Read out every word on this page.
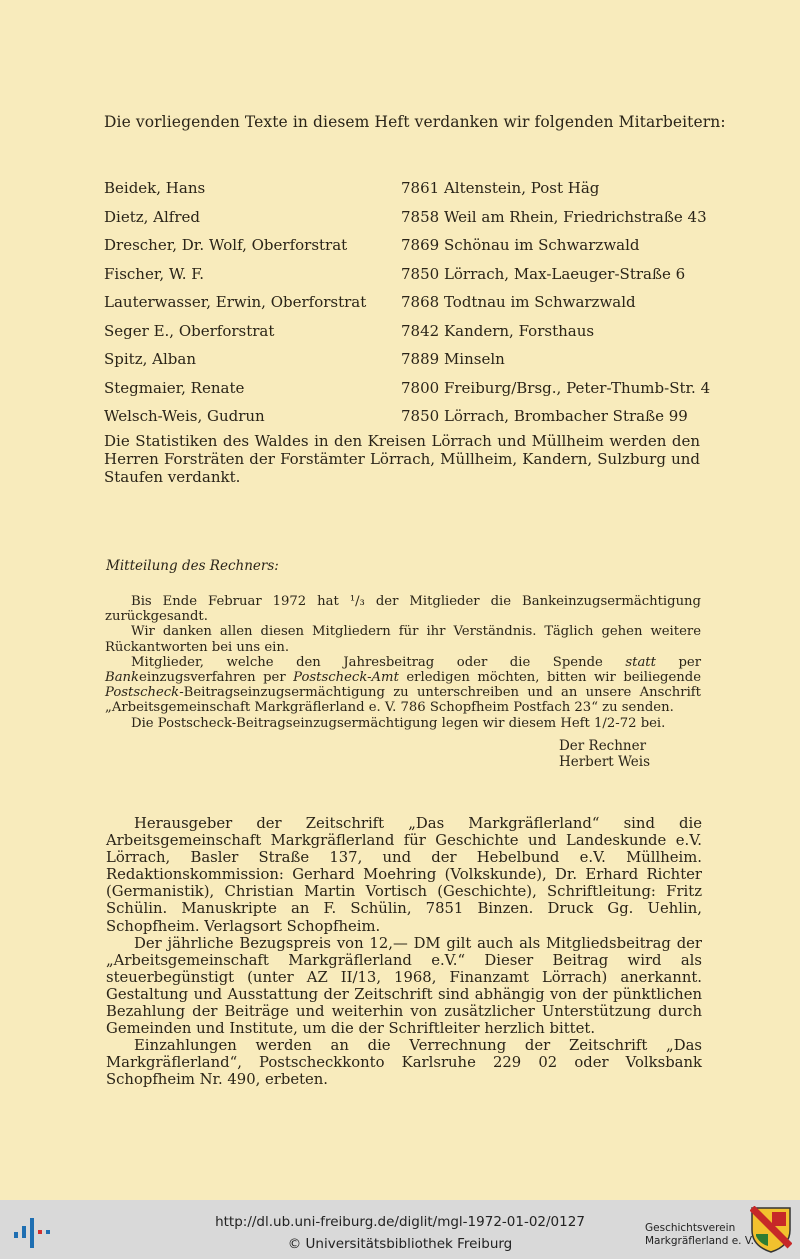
Die vorliegenden Texte in diesem Heft verdanken wir folgenden Mitarbeitern:
Beidek, Hans	7861 Altenstein, Post Häg
Dietz, Alfred	7858 Weil am Rhein, Friedrichstraße 43
Drescher, Dr. Wolf, Oberforstrat	7869 Schönau im Schwarzwald
Fischer, W. F.	7850 Lörrach, Max-Laeuger-Straße 6
Lauterwasser, Erwin, Oberforstrat 7868 Todtnau im Schwarzwald
Seger E., Oberforstrat	7842 Kandern, Forsthaus
Spitz, Alban	7889 Minseln
Stegmaier, Renate	7800 Freiburg/Brsg., Peter-Thumb-Str. 4
Welsch-Weis, Gudrun	7850 Lörrach, Brombacher Straße 99
Die Statistiken des Waldes in den Kreisen Lörrach und Müllheim werden den Herren Forsträten der Forstämter Lörrach, Müllheim, Kandern, Sulzburg und Staufen verdankt.
Mitteilung des Rechners:

Bis Ende Februar 1972 hat ¹/₃ der Mitglieder die Bankeinzugsermächtigung zurückgesandt.

Wir danken allen diesen Mitgliedern für ihr Verständnis. Täglich gehen weitere Rückantworten bei uns ein.

Mitglieder, welche den Jahresbeitrag oder die Spende statt per Bankeinzugsverfahren per Postscheck-Amt erledigen möchten, bitten wir beiliegende Postscheck-Beitragseinzugsermächtigung zu unterschreiben und an unsere Anschrift „Arbeitsgemeinschaft Markgräflerland e. V. 786 Schopfheim Postfach 23“ zu senden.

Die Postscheck-Beitragseinzugsermächtigung legen wir diesem Heft 1/2-72 bei.

Der Rechner
Herbert Weis

Herausgeber der Zeitschrift „Das Markgräflerland“ sind die Arbeitsgemeinschaft Markgräflerland für Geschichte und Landeskunde e.V. Lörrach, Basler Straße 137, und der Hebelbund e.V. Müllheim. Redaktionskommission: Gerhard Moehring (Volkskunde), Dr. Erhard Richter (Germanistik), Christian Martin Vortisch (Geschichte), Schriftleitung: Fritz Schülin. Manuskripte an F. Schülin, 7851 Binzen. Druck Gg. Uehlin, Schopfheim. Verlagsort Schopfheim.

Der jährliche Bezugspreis von 12,— DM gilt auch als Mitgliedsbeitrag der „Arbeitsgemeinschaft Markgräflerland e.V.“ Dieser Beitrag wird als steuerbegünstigt (unter AZ II/13, 1968, Finanzamt Lörrach) anerkannt. Gestaltung und Ausstattung der Zeitschrift sind abhängig von der pünktlichen Bezahlung der Beiträge und weiterhin von zusätzlicher Unterstützung durch Gemeinden und Institute, um die der Schriftleiter herzlich bittet.

Einzahlungen werden an die Verrechnung der Zeitschrift „Das Markgräflerland“, Postscheckkonto Karlsruhe 229 02 oder Volksbank Schopfheim Nr. 490, erbeten.

http://dl.ub.uni-freiburg.de/diglit/mgl-1972-01-02/0127
© Universitätsbibliothek Freiburg
Geschichtsverein
Markgräflerland e. V.
